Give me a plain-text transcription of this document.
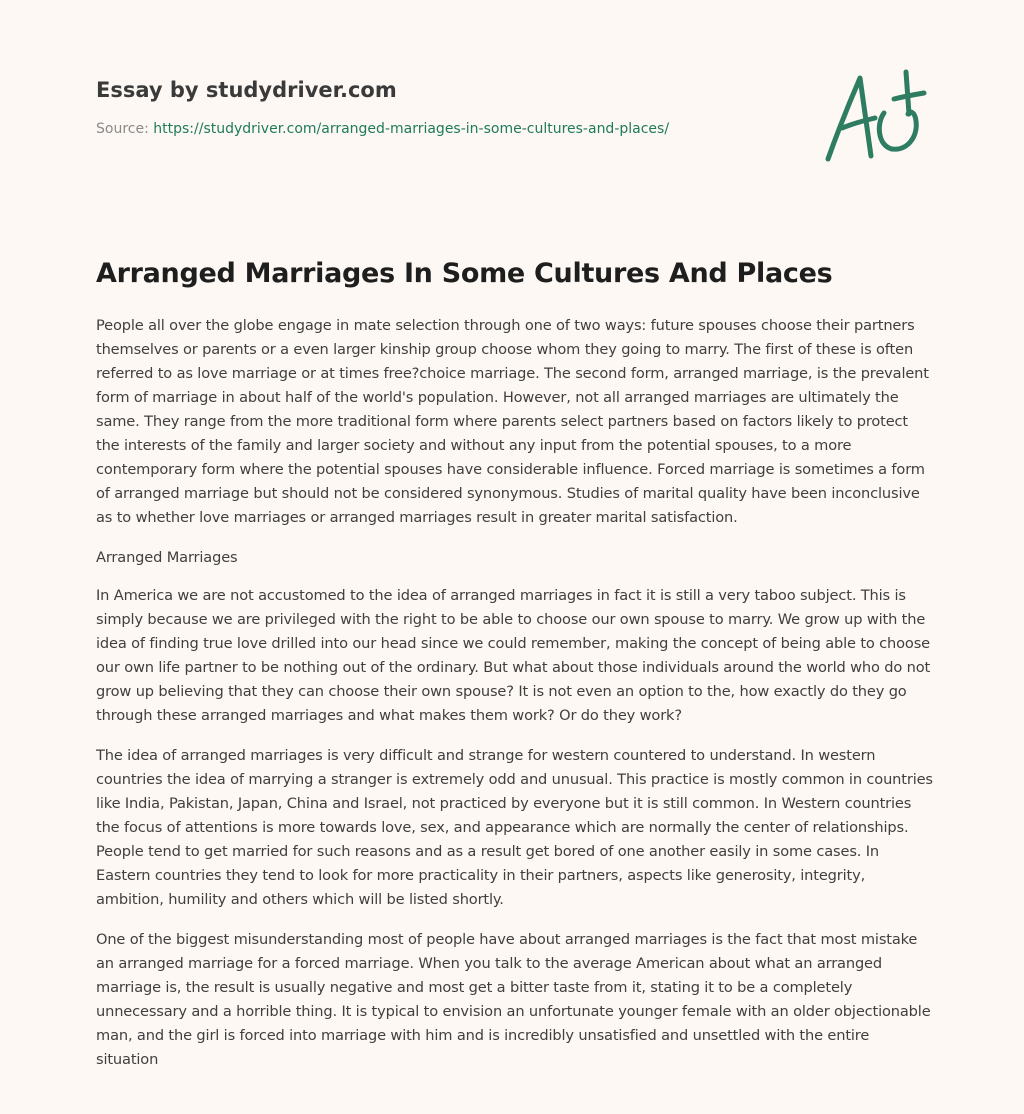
Essay by studydriver.com
Source: https://studydriver.com/arranged-marriages-in-some-cultures-and-places/
Arranged Marriages In Some Cultures And Places

People all over the globe engage in mate selection through one of two ways: future spouses choose their partners themselves or parents or a even larger kinship group choose whom they going to marry. The first of these is often referred to as love marriage or at times free?choice marriage. The second form, arranged marriage, is the prevalent form of marriage in about half of the world's population. However, not all arranged marriages are ultimately the same. They range from the more traditional form where parents select partners based on factors likely to protect the interests of the family and larger society and without any input from the potential spouses, to a more contemporary form where the potential spouses have considerable influence. Forced marriage is sometimes a form of arranged marriage but should not be considered synonymous. Studies of marital quality have been inconclusive as to whether love marriages or arranged marriages result in greater marital satisfaction.

Arranged Marriages

In America we are not accustomed to the idea of arranged marriages in fact it is still a very taboo subject. This is simply because we are privileged with the right to be able to choose our own spouse to marry. We grow up with the idea of finding true love drilled into our head since we could remember, making the concept of being able to choose our own life partner to be nothing out of the ordinary. But what about those individuals around the world who do not grow up believing that they can choose their own spouse? It is not even an option to the, how exactly do they go through these arranged marriages and what makes them work? Or do they work?

The idea of arranged marriages is very difficult and strange for western countered to understand. In western countries the idea of marrying a stranger is extremely odd and unusual. This practice is mostly common in countries like India, Pakistan, Japan, China and Israel, not practiced by everyone but it is still common. In Western countries the focus of attentions is more towards love, sex, and appearance which are normally the center of relationships. People tend to get married for such reasons and as a result get bored of one another easily in some cases. In Eastern countries they tend to look for more practicality in their partners, aspects like generosity, integrity, ambition, humility and others which will be listed shortly.

One of the biggest misunderstanding most of people have about arranged marriages is the fact that most mistake an arranged marriage for a forced marriage. When you talk to the average American about what an arranged marriage is, the result is usually negative and most get a bitter taste from it, stating it to be a completely unnecessary and a horrible thing. It is typical to envision an unfortunate younger female with an older objectionable man, and the girl is forced into marriage with him and is incredibly unsatisfied and unsettled with the entire situation
